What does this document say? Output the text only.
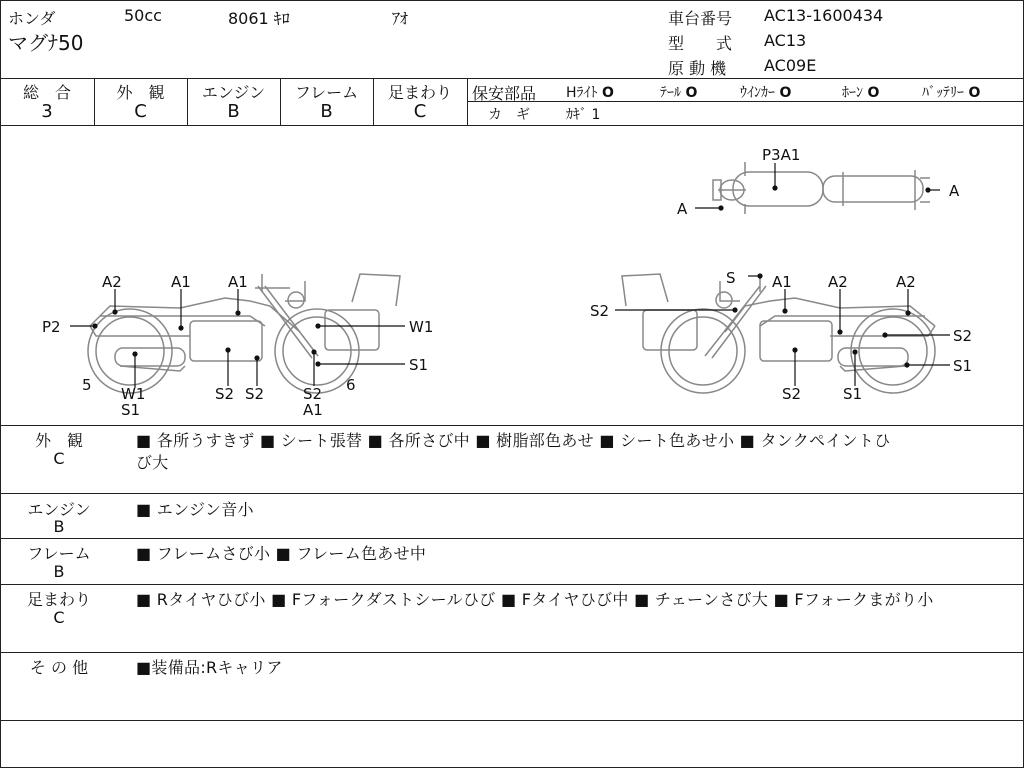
ホンダ	50cc	8061 ｷﾛ	ｱｵ
マグﾅ50
車台番号 AC13-1600434
型　　式 AC13
原 動 機 AC09E
総　合
3
外　観
C
エンジン
B
フレーム
B
足まわり
C
保安部品 Hﾗｲﾄ O	ﾃｰﾙ O	ｳｲﾝｶｰ O	ﾎｰﾝ O	ﾊﾞｯﾃﾘｰ O
カ　ギ	ｶｷﾞ 1
P3A1
A
A
A2	A1 A1
P2	W1
S1
5 W1
S1
S2 S2	S2
A1
6
S A1 A2	A2
S2
S2
S1
S2	S1
外　観
C
■ 各所うすきず ■ シート張替 ■ 各所さび中 ■ 樹脂部色あせ ■ シート色あせ小 ■ タンクペイントひ
び大
エンジン
B
■ エンジン音小
フレーム
B
■ フレームさび小 ■ フレーム色あせ中
足まわり
C
■ Rタイヤひび小 ■ Fフォークダストシールひび ■ Fタイヤひび中 ■ チェーンさび大 ■ Fフォークまがり小
そ の 他	■装備品:Rキャリア
